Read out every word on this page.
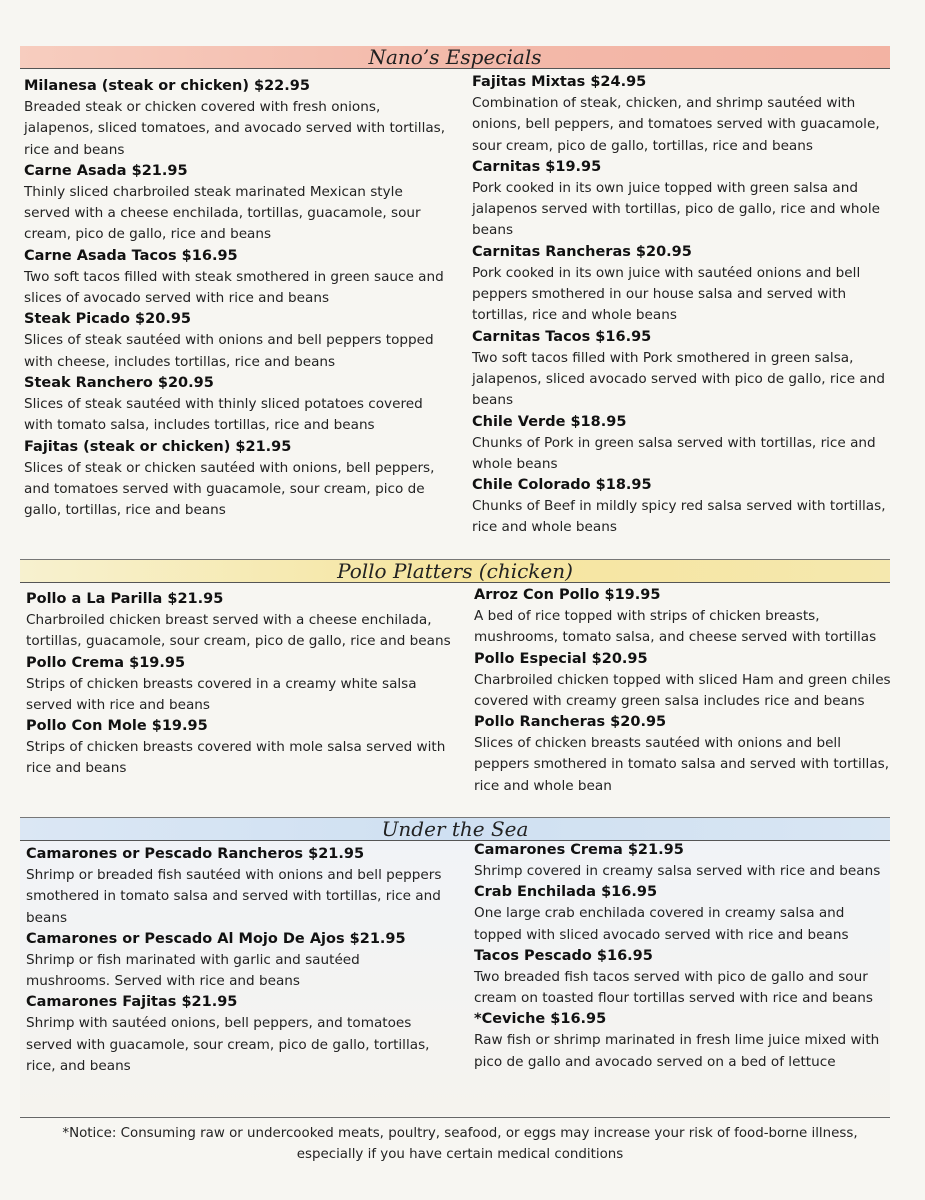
Nano’s Especials
Milanesa (steak or chicken) $22.95
Breaded steak or chicken covered with fresh onions, jalapenos, sliced tomatoes, and avocado served with tortillas, rice and beans
Carne Asada $21.95
Thinly sliced charbroiled steak marinated Mexican style served with a cheese enchilada, tortillas, guacamole, sour cream, pico de gallo, rice and beans
Carne Asada Tacos $16.95
Two soft tacos filled with steak smothered in green sauce and slices of avocado served with rice and beans
Steak Picado $20.95
Slices of steak sautéed with onions and bell peppers topped with cheese, includes tortillas, rice and beans
Steak Ranchero $20.95
Slices of steak sautéed with thinly sliced potatoes covered with tomato salsa, includes tortillas, rice and beans
Fajitas (steak or chicken) $21.95
Slices of steak or chicken sautéed with onions, bell peppers, and tomatoes served with guacamole, sour cream, pico de gallo, tortillas, rice and beans
Fajitas Mixtas $24.95
Combination of steak, chicken, and shrimp sautéed with onions, bell peppers, and tomatoes served with guacamole, sour cream, pico de gallo, tortillas, rice and beans
Carnitas $19.95
Pork cooked in its own juice topped with green salsa and jalapenos served with tortillas, pico de gallo, rice and whole beans
Carnitas Rancheras $20.95
Pork cooked in its own juice with sautéed onions and bell peppers smothered in our house salsa and served with tortillas, rice and whole beans
Carnitas Tacos $16.95
Two soft tacos filled with Pork smothered in green salsa, jalapenos, sliced avocado served with pico de gallo, rice and beans
Chile Verde $18.95
Chunks of Pork in green salsa served with tortillas, rice and whole beans
Chile Colorado $18.95
Chunks of Beef in mildly spicy red salsa served with tortillas, rice and whole beans
Pollo Platters (chicken)
Pollo a La Parilla $21.95
Charbroiled chicken breast served with a cheese enchilada, tortillas, guacamole, sour cream, pico de gallo, rice and beans
Pollo Crema $19.95
Strips of chicken breasts covered in a creamy white salsa served with rice and beans
Pollo Con Mole $19.95
Strips of chicken breasts covered with mole salsa served with rice and beans
Arroz Con Pollo $19.95
A bed of rice topped with strips of chicken breasts, mushrooms, tomato salsa, and cheese served with tortillas
Pollo Especial $20.95
Charbroiled chicken topped with sliced Ham and green chiles covered with creamy green salsa includes rice and beans
Pollo Rancheras $20.95
Slices of chicken breasts sautéed with onions and bell peppers smothered in tomato salsa and served with tortillas, rice and whole bean
Under the Sea
Camarones or Pescado Rancheros $21.95
Shrimp or breaded fish sautéed with onions and bell peppers smothered in tomato salsa and served with tortillas, rice and beans
Camarones or Pescado Al Mojo De Ajos $21.95
Shrimp or fish marinated with garlic and sautéed mushrooms. Served with rice and beans
Camarones Fajitas $21.95
Shrimp with sautéed onions, bell peppers, and tomatoes served with guacamole, sour cream, pico de gallo, tortillas, rice, and beans
Camarones Crema $21.95
Shrimp covered in creamy salsa served with rice and beans
Crab Enchilada $16.95
One large crab enchilada covered in creamy salsa and topped with sliced avocado served with rice and beans
Tacos Pescado $16.95
Two breaded fish tacos served with pico de gallo and sour cream on toasted flour tortillas served with rice and beans
*Ceviche $16.95
Raw fish or shrimp marinated in fresh lime juice mixed with pico de gallo and avocado served on a bed of lettuce
*Notice: Consuming raw or undercooked meats, poultry, seafood, or eggs may increase your risk of food-borne illness, especially if you have certain medical conditions
